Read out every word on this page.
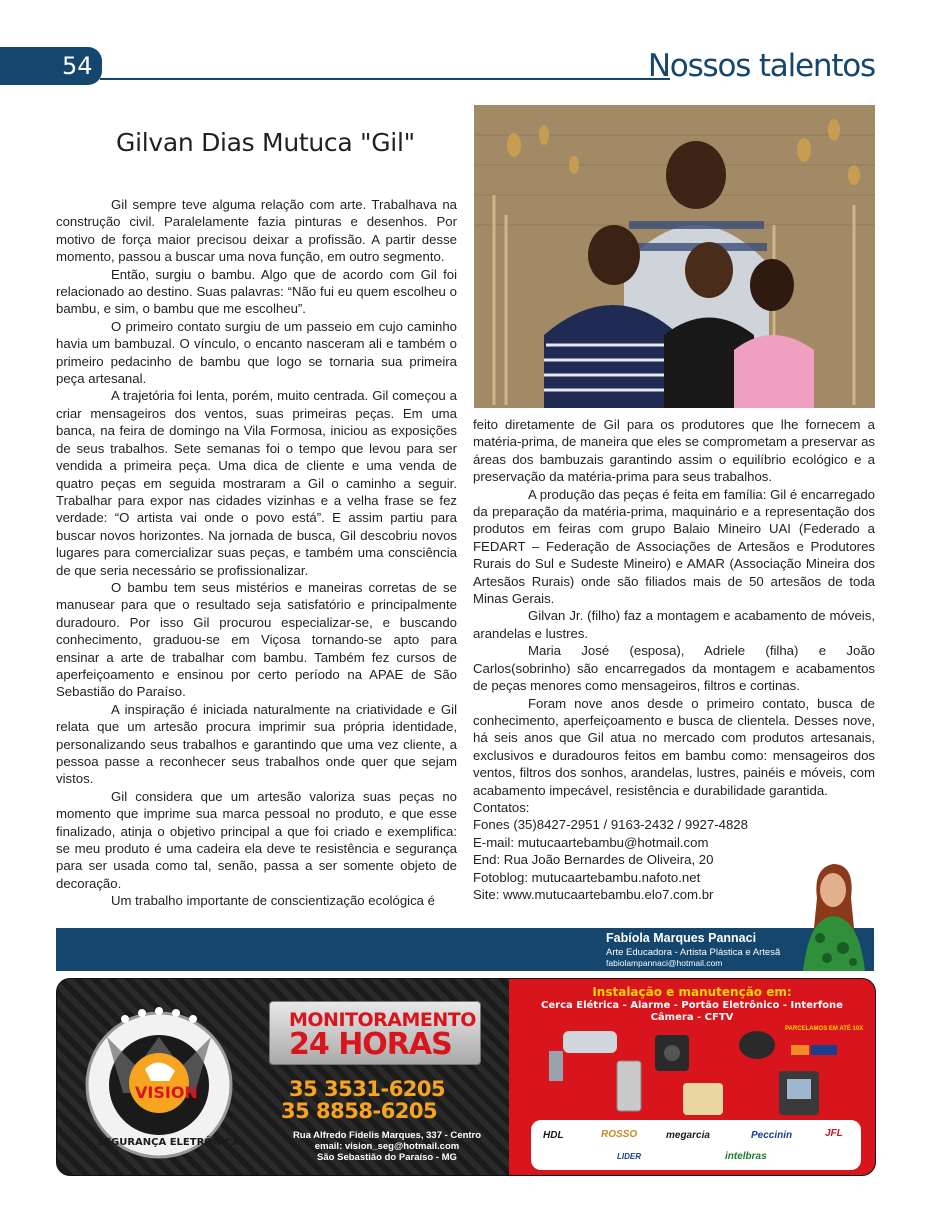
54	Nossos talentos
Gilvan Dias Mutuca "Gil"

Gil sempre teve alguma relação com arte. Trabalhava na construção civil. Paralelamente fazia pinturas e desenhos. Por motivo de força maior precisou deixar a profissão. A partir desse momento, passou a buscar uma nova função, em outro segmento.

Então, surgiu o bambu. Algo que de acordo com Gil foi relacionado ao destino. Suas palavras: “Não fui eu quem escolheu o bambu, e sim, o bambu que me escolheu”.

O primeiro contato surgiu de um passeio em cujo caminho havia um bambuzal. O vínculo, o encanto nasceram ali e também o primeiro pedacinho de bambu que logo se tornaria sua primeira peça artesanal.

A trajetória foi lenta, porém, muito centrada. Gil começou a criar mensageiros dos ventos, suas primeiras peças. Em uma banca, na feira de domingo na Vila Formosa, iniciou as exposições de seus trabalhos. Sete semanas foi o tempo que levou para ser vendida a primeira peça. Uma dica de cliente e uma venda de quatro peças em seguida mostraram a Gil o caminho a seguir. Trabalhar para expor nas cidades vizinhas e a velha frase se fez verdade: “O artista vai onde o povo está”. E assim partiu para buscar novos horizontes. Na jornada de busca, Gil descobriu novos lugares para comercializar suas peças, e também uma consciência de que seria necessário se profissionalizar.

O bambu tem seus mistérios e maneiras corretas de se manusear para que o resultado seja satisfatório e principalmente duradouro. Por isso Gil procurou especializar-se, e buscando conhecimento, graduou-se em Viçosa tornando-se apto para ensinar a arte de trabalhar com bambu. Também fez cursos de aperfeiçoamento e ensinou por certo período na APAE de São Sebastião do Paraíso.

A inspiração é iniciada naturalmente na criatividade e Gil relata que um artesão procura imprimir sua própria identidade, personalizando seus trabalhos e garantindo que uma vez cliente, a pessoa passe a reconhecer seus trabalhos onde quer que sejam vistos.

Gil considera que um artesão valoriza suas peças no momento que imprime sua marca pessoal no produto, e que esse finalizado, atinja o objetivo principal a que foi criado e exemplifica: se meu produto é uma cadeira ela deve te resistência e segurança para ser usada como tal, senão, passa a ser somente objeto de decoração.

Um trabalho importante de conscientização ecológica é

feito diretamente de Gil para os produtores que lhe fornecem a matéria-prima, de maneira que eles se comprometam a preservar as áreas dos bambuzais garantindo assim o equilíbrio ecológico e a preservação da matéria-prima para seus trabalhos.

A produção das peças é feita em família: Gil é encarregado da preparação da matéria-prima, maquinário e a representação dos produtos em feiras com grupo Balaio Mineiro UAI (Federado a FEDART – Federação de Associações de Artesãos e Produtores Rurais do Sul e Sudeste Mineiro) e AMAR (Associação Mineira dos Artesãos Rurais) onde são filiados mais de 50 artesãos de toda Minas Gerais.

Gilvan Jr. (filho) faz a montagem e acabamento de móveis, arandelas e lustres.

Maria José (esposa), Adriele (filha) e João Carlos(sobrinho) são encarregados da montagem e acabamentos de peças menores como mensageiros, filtros e cortinas.

Foram nove anos desde o primeiro contato, busca de conhecimento, aperfeiçoamento e busca de clientela. Desses nove, há seis anos que Gil atua no mercado com produtos artesanais, exclusivos e duradouros feitos em bambu como: mensageiros dos ventos, filtros dos sonhos, arandelas, lustres, painéis e móveis, com acabamento impecável, resistência e durabilidade garantida.

Contatos:
Fones (35)8427-2951 / 9163-2432 / 9927-4828
E-mail: mutucaartebambu@hotmail.com
End: Rua João Bernardes de Oliveira, 20
Fotoblog: mutucaartebambu.nafoto.net
Site: www.mutucaartebambu.elo7.com.br
Fabíola Marques Pannaci
Arte Educadora - Artista Plástica e Artesã
fabiolampannaci@hotmail.com
VISION
SEGURANÇA ELETRÔNICA
MONITORAMENTO
24 HORAS
35 3531-6205
35 8858-6205
Rua Alfredo Fidelis Marques, 337 - Centro
email: vision_seg@hotmail.com
São Sebastião do Paraíso - MG
Instalação e manutenção em:
Cerca Elétrica - Alarme - Portão Eletrônico - Interfone
Câmera - CFTV
PARCELAMOS EM ATÉ 10X
HDL	ROSSO	megarcia	Peccinin	JFL
LIDER	intelbras
